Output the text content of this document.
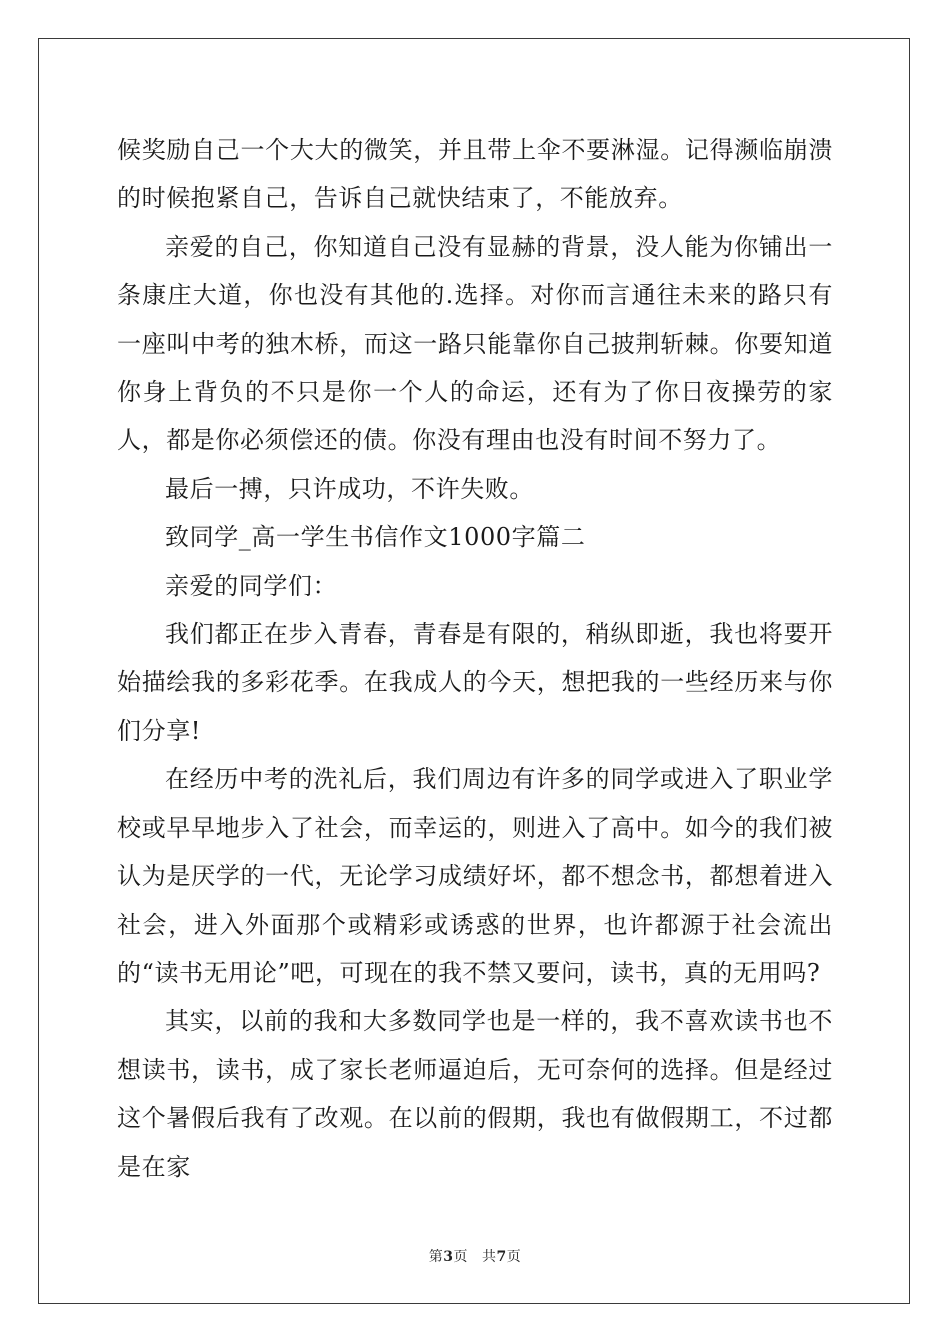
候奖励自己一个大大的微笑，并且带上伞不要淋湿。记得濒临崩溃的时候抱紧自己，告诉自己就快结束了，不能放弃。

亲爱的自己，你知道自己没有显赫的背景，没人能为你铺出一条康庄大道，你也没有其他的.选择。对你而言通往未来的路只有一座叫中考的独木桥，而这一路只能靠你自己披荆斩棘。你要知道你身上背负的不只是你一个人的命运，还有为了你日夜操劳的家人，都是你必须偿还的债。你没有理由也没有时间不努力了。

最后一搏，只许成功，不许失败。

致同学_高一学生书信作文1000字篇二

亲爱的同学们：

我们都正在步入青春，青春是有限的，稍纵即逝，我也将要开始描绘我的多彩花季。在我成人的今天，想把我的一些经历来与你们分享!

在经历中考的洗礼后，我们周边有许多的同学或进入了职业学校或早早地步入了社会，而幸运的，则进入了高中。如今的我们被认为是厌学的一代，无论学习成绩好坏，都不想念书，都想着进入社会，进入外面那个或精彩或诱惑的世界，也许都源于社会流出的“读书无用论”吧，可现在的我不禁又要问，读书，真的无用吗?

其实，以前的我和大多数同学也是一样的，我不喜欢读书也不想读书，读书，成了家长老师逼迫后，无可奈何的选择。但是经过这个暑假后我有了改观。在以前的假期，我也有做假期工，不过都是在家

第3页 共7页
